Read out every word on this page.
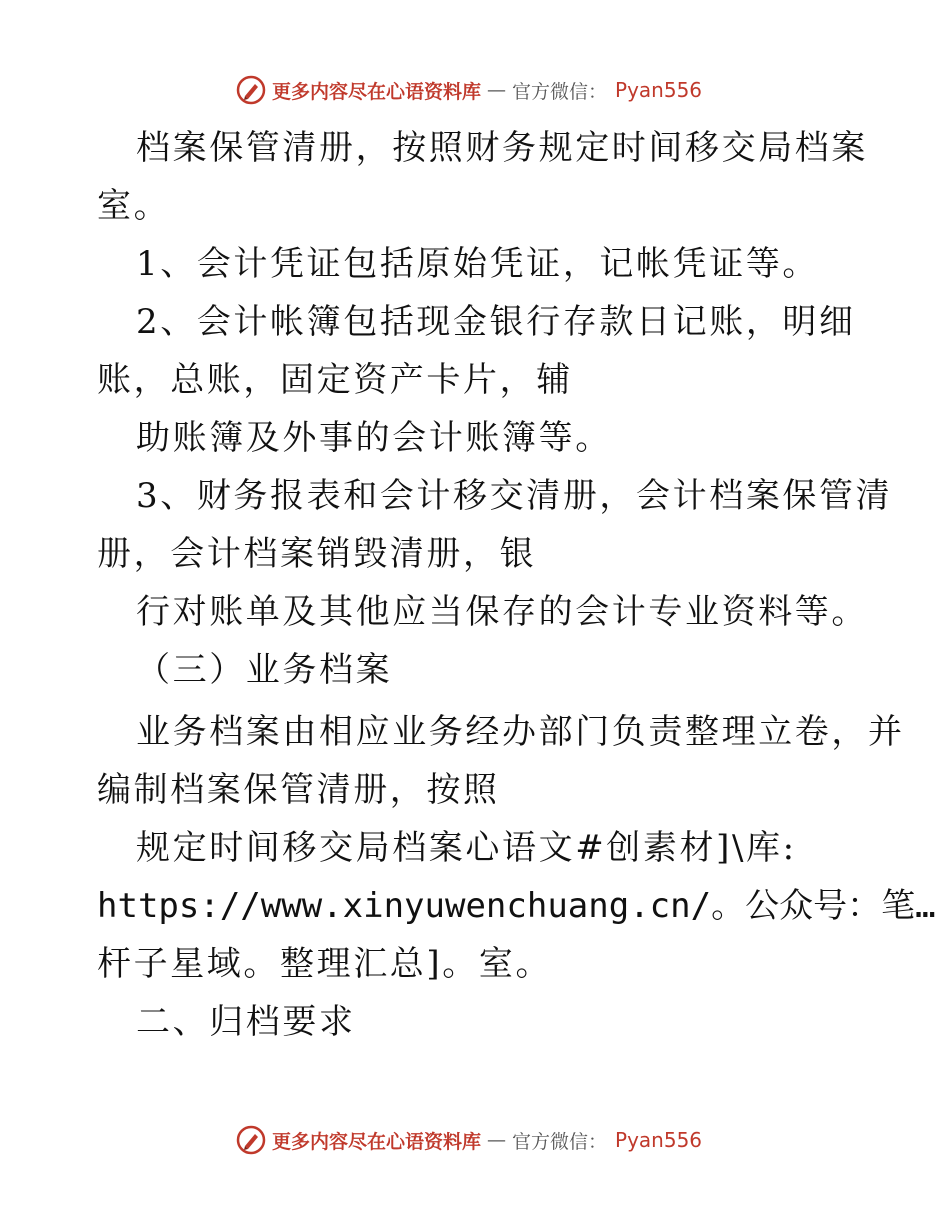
更多内容尽在心语资料库 — 官方微信： Pyan556
档案保管清册，按照财务规定时间移交局档案
室。
1、会计凭证包括原始凭证，记帐凭证等。
2、会计帐簿包括现金银行存款日记账，明细
账，总账，固定资产卡片，辅
助账簿及外事的会计账簿等。
3、财务报表和会计移交清册，会计档案保管清
册，会计档案销毁清册，银
行对账单及其他应当保存的会计专业资料等。
（三）业务档案
业务档案由相应业务经办部门负责整理立卷，并
编制档案保管清册，按照
规定时间移交局档案心语文#创素材]\库:
https://www.xinyuwenchuang.cn/。公众号：笔…
杆子星域。整理汇总]。室。
二、归档要求
更多内容尽在心语资料库 — 官方微信： Pyan556
